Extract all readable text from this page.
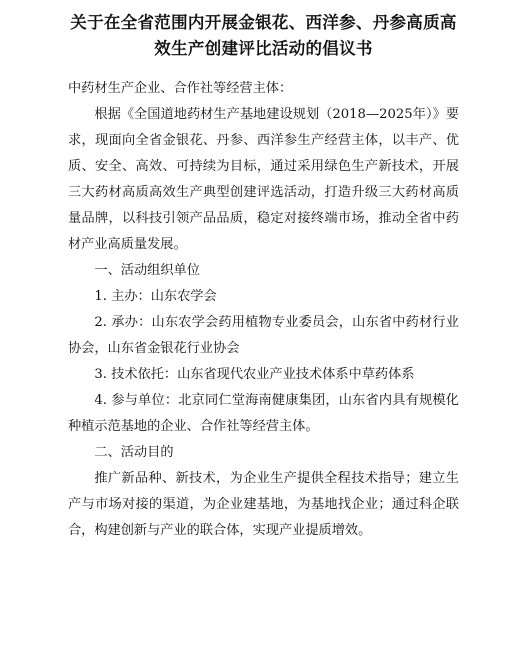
关于在全省范围内开展金银花、西洋参、丹参高质高
效生产创建评比活动的倡议书

中药材生产企业、合作社等经营主体：

根据《全国道地药材生产基地建设规划（2018—2025年）》要求，现面向全省金银花、丹参、西洋参生产经营主体，以丰产、优质、安全、高效、可持续为目标，通过采用绿色生产新技术，开展三大药材高质高效生产典型创建评选活动，打造升级三大药材高质量品牌，以科技引领产品品质，稳定对接终端市场，推动全省中药材产业高质量发展。

一、活动组织单位

1. 主办：山东农学会

2. 承办：山东农学会药用植物专业委员会，山东省中药材行业协会，山东省金银花行业协会

3. 技术依托：山东省现代农业产业技术体系中草药体系

4. 参与单位：北京同仁堂海南健康集团，山东省内具有规模化种植示范基地的企业、合作社等经营主体。

二、活动目的

推广新品种、新技术，为企业生产提供全程技术指导；建立生产与市场对接的渠道，为企业建基地，为基地找企业；通过科企联合，构建创新与产业的联合体，实现产业提质增效。
